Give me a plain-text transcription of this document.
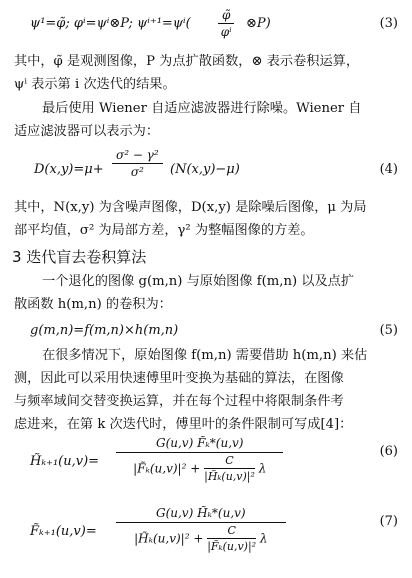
ψ¹=φ̃; φⁱ=ψⁱ⊗P; $\psi^{i+1}=\psi^i( \frac{\varphĩ}{\text{φⁱ}}$ ⊗P)	(3)
其中，φ̃ 是观测图像，P 为点扩散函数，⊗ 表示卷积运算，
ψⁱ 表示第 i 次迭代的结果。
最后使用 Wiener 自适应滤波器进行除噪。Wiener 自
适应滤波器可以表示为：
$D(x,y)=\mu+ \frac{\text{σ² − γ²}}{\text{σ²}} (N(x,y)-\mu)$	(4)
其中，N(x,y) 为含噪声图像，D(x,y) 是除噪后图像，μ 为局
部平均值，σ² 为局部方差，γ² 为整幅图像的方差。
3 迭代盲去卷积算法
一个退化的图像 g(m,n) 与原始图像 f(m,n) 以及点扩
散函数 h(m,n) 的卷积为：
g(m,n)=f(m,n)×h(m,n)	(5)
在很多情况下，原始图像 f(m,n) 需要借助 h(m,n) 来估
测，因此可以采用快速傅里叶变换为基础的算法，在图像
与频率域间交替变换运算，并在每个过程中将限制条件考
虑进来，在第 k 次迭代时，傅里叶的条件限制可写成[4]：
H̃ₖ₊₁(u,v)=
G(u,v) F̃ₖ*(u,v)
|F̃ₖ(u,v)|² + $\frac{C}{\text{|H̃ₖ(u,v)|²}}$ λ
(6)
F̃ₖ₊₁(u,v)=
G(u,v) H̃ₖ*(u,v)
|H̃ₖ(u,v)|² + $\frac{C}{\text{|F̃ₖ(u,v)|²}}$ λ
(7)
